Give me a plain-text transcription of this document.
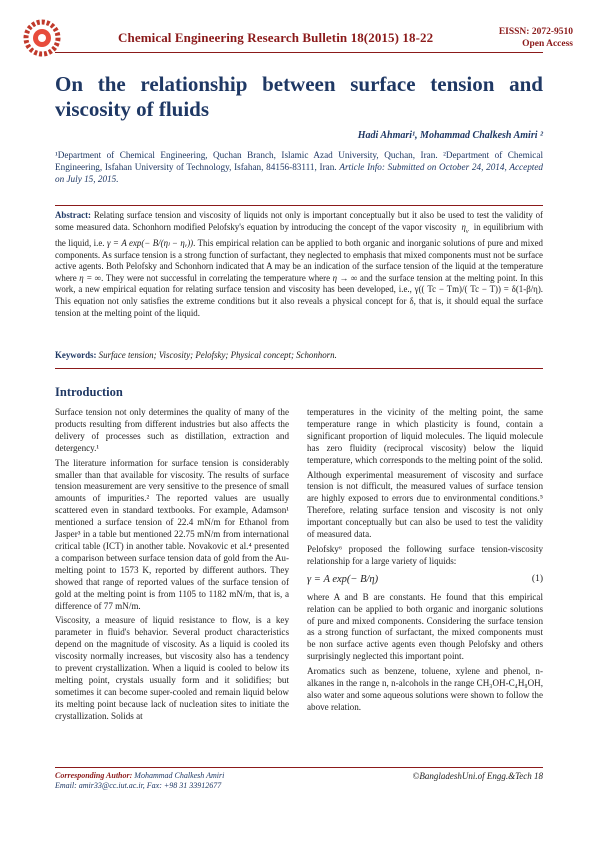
Chemical Engineering Research Bulletin 18(2015) 18-22	EISSN: 2072-9510
Open Access
On the relationship between surface tension and viscosity of fluids
Hadi Ahmari¹, Mohammad Chalkesh Amiri ²
¹Department of Chemical Engineering, Quchan Branch, Islamic Azad University, Quchan, Iran. ²Department of Chemical Engineering, Isfahan University of Technology, Isfahan, 84156-83111, Iran. Article Info: Submitted on October 24, 2014, Accepted on July 15, 2015.
Abstract: Relating surface tension and viscosity of liquids not only is important conceptually but it also be used to test the validity of some measured data. Schonhorn modified Pelofsky's equation by introducing the concept of the vapor viscosity  $\eta_v$ in equilibrium with the liquid, i.e. γ = A exp(− B/(ηₗ − ηᵥ)). This empirical relation can be applied to both organic and inorganic solutions of pure and mixed components. As surface tension is a strong function of surfactant, they neglected to emphasis that mixed components must not be surface active agents. Both Pelofsky and Schonhorn indicated that A may be an indication of the surface tension of the liquid at the temperature where η = ∞. They were not successful in correlating the temperature where η → ∞ and the surface tension at the melting point. In this work, a new empirical equation for relating surface tension and viscosity has been developed, i.e., γ(( Tc − Tm)/( Tc − T)) = δ(1-β/η). This equation not only satisfies the extreme conditions but it also reveals a physical concept for δ, that is, it should equal the surface tension at the melting point of the liquid.
Keywords: Surface tension; Viscosity; Pelofsky; Physical concept; Schonhorn.
Introduction

Surface tension not only determines the quality of many of the products resulting from different industries but also affects the delivery of processes such as distillation, extraction and detergency.¹

The literature information for surface tension is considerably smaller than that available for viscosity. The results of surface tension measurement are very sensitive to the presence of small amounts of impurities.² The reported values are usually scattered even in standard textbooks. For example, Adamson¹ mentioned a surface tension of 22.4 mN/m for Ethanol from Jasper³ in a table but mentioned 22.75 mN/m from international critical table (ICT) in another table. Novakovic et al.⁴ presented a comparison between surface tension data of gold from the Au-melting point to 1573 K, reported by different authors. They showed that range of reported values of the surface tension of gold at the melting point is from 1105 to 1182 mN/m, that is, a difference of 77 mN/m.

Viscosity, a measure of liquid resistance to flow, is a key parameter in fluid's behavior. Several product characteristics depend on the magnitude of viscosity. As a liquid is cooled its viscosity normally increases, but viscosity also has a tendency to prevent crystallization. When a liquid is cooled to below its melting point, crystals usually form and it solidifies; but sometimes it can become super-cooled and remain liquid below its melting point because lack of nucleation sites to initiate the crystallization. Solids at

temperatures in the vicinity of the melting point, the same temperature range in which plasticity is found, contain a significant proportion of liquid molecules. The liquid molecule has zero fluidity (reciprocal viscosity) below the liquid temperature, which corresponds to the melting point of the solid.

Although experimental measurement of viscosity and surface tension is not difficult, the measured values of surface tension are highly exposed to errors due to environmental conditions.⁵ Therefore, relating surface tension and viscosity is not only important conceptually but can also be used to test the validity of measured data.

Pelofsky⁶ proposed the following surface tension-viscosity relationship for a large variety of liquids:

γ = A exp(− B/η)	(1)

where A and B are constants. He found that this empirical relation can be applied to both organic and inorganic solutions of pure and mixed components. Considering the surface tension as a strong function of surfactant, the mixed components must be non surface active agents even though Pelofsky and others surprisingly neglected this important point.

Aromatics such as benzene, toluene, xylene and phenol, n-alkanes in the range n, n-alcohols in the range CH₃OH-C₄H₉OH, also water and some aqueous solutions were shown to follow the above relation.

Corresponding Author: Mohammad Chalkesh Amiri
Email: amir33@cc.iut.ac.ir, Fax: +98 31 33912677
©BangladeshUni.of Engg.&Tech 18
